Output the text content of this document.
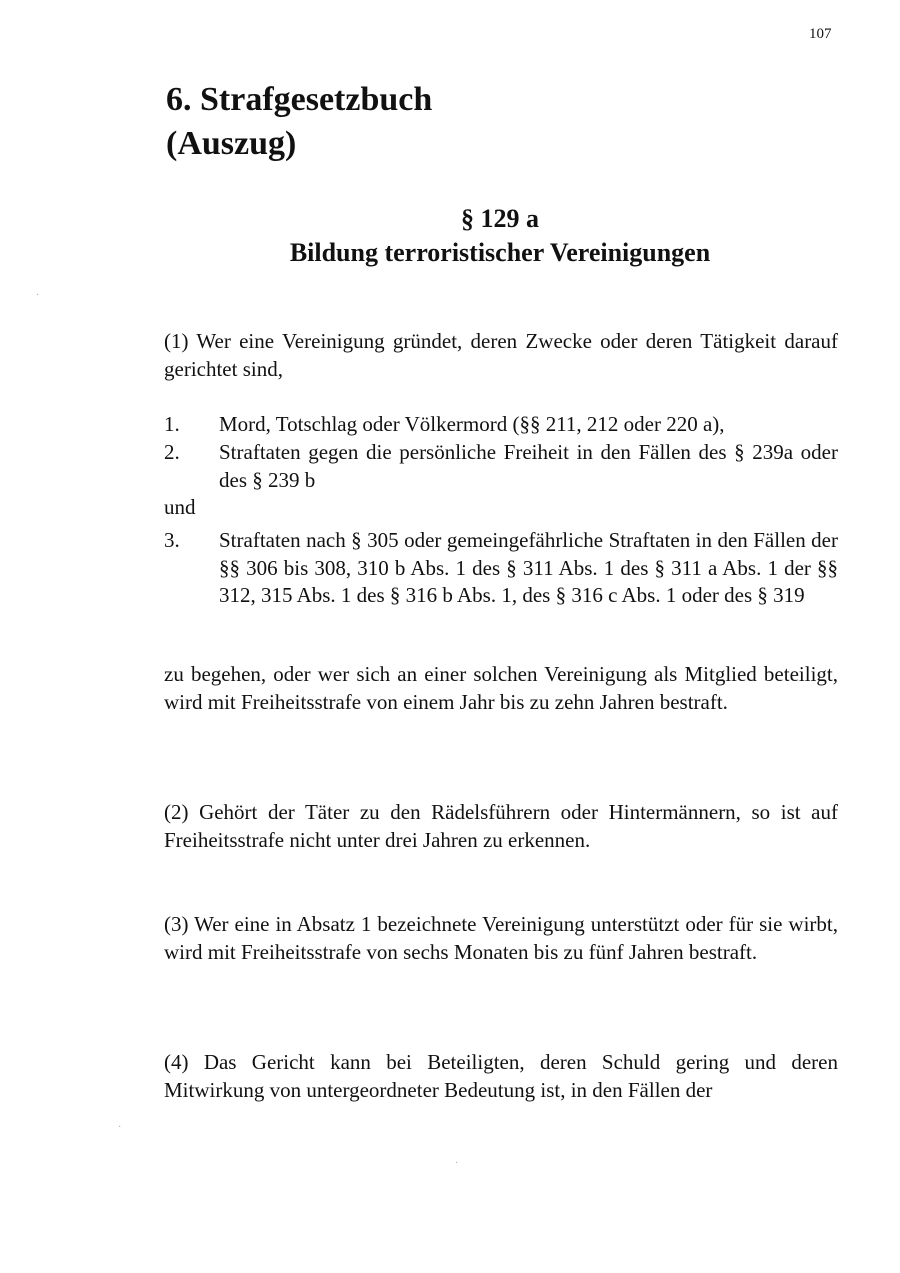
107
6. Strafgesetzbuch
(Auszug)
§ 129 a
Bildung terroristischer Vereinigungen

(1) Wer eine Vereinigung gründet, deren Zwecke oder deren Tätigkeit darauf gerichtet sind,

1.	Mord, Totschlag oder Völkermord (§§ 211, 212 oder 220 a),
2.	Straftaten gegen die persönliche Freiheit in den Fällen des § 239a oder des § 239 b
und
3.	Straftaten nach § 305 oder gemeingefährliche Straftaten in den Fällen der §§ 306 bis 308, 310 b Abs. 1 des § 311 Abs. 1 des § 311 a Abs. 1 der §§ 312, 315 Abs. 1 des § 316 b Abs. 1, des § 316 c Abs. 1 oder des § 319

zu begehen, oder wer sich an einer solchen Vereinigung als Mitglied beteiligt, wird mit Freiheitsstrafe von einem Jahr bis zu zehn Jahren bestraft.

(2) Gehört der Täter zu den Rädelsführern oder Hintermännern, so ist auf Freiheitsstrafe nicht unter drei Jahren zu erkennen.

(3) Wer eine in Absatz 1 bezeichnete Vereinigung unterstützt oder für sie wirbt, wird mit Freiheitsstrafe von sechs Monaten bis zu fünf Jahren bestraft.

(4) Das Gericht kann bei Beteiligten, deren Schuld gering und deren Mitwirkung von untergeordneter Bedeutung ist, in den Fällen der

·
·
·
